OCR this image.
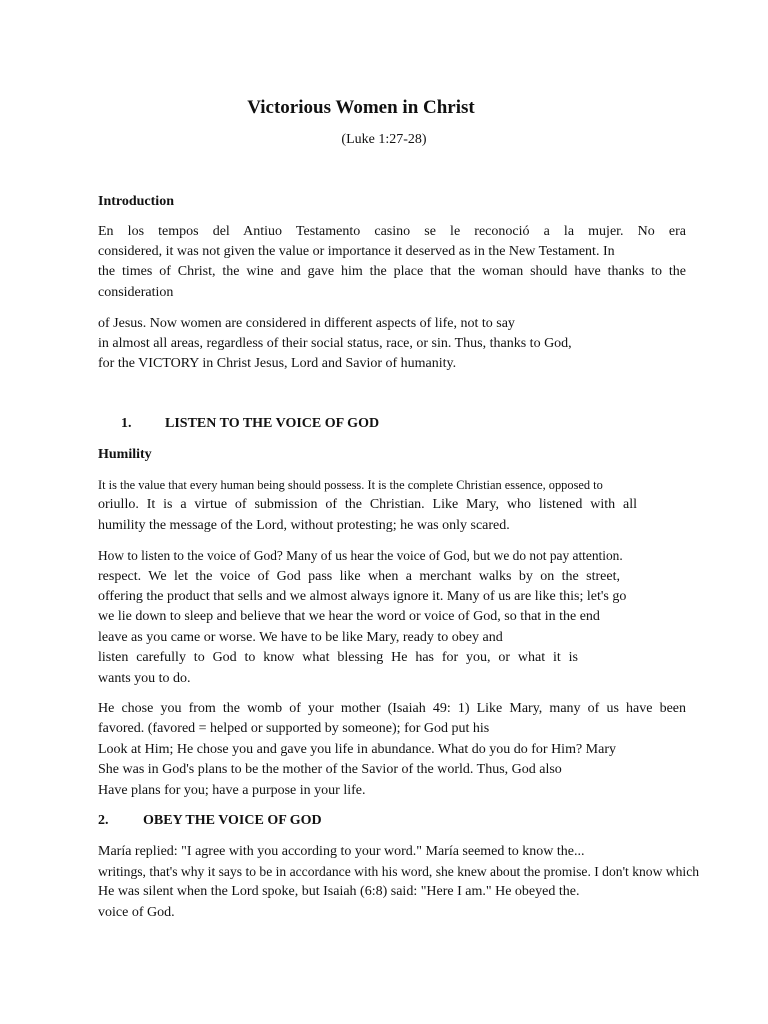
Victorious Women in Christ

(Luke 1:27-28)

Introduction

En los tempos del Antiuo Testamento casino se le reconoció a la mujer. No era

considered, it was not given the value or importance it deserved as in the New Testament. In

the times of Christ, the wine and gave him the place that the woman should have thanks to the

consideration

of Jesus. Now women are considered in different aspects of life, not to say

in almost all areas, regardless of their social status, race, or sin. Thus, thanks to God,

for the VICTORY in Christ Jesus, Lord and Savior of humanity.

1. LISTEN TO THE VOICE OF GOD

Humility

It is the value that every human being should possess. It is the complete Christian essence, opposed to

oriullo. It is a virtue of submission of the Christian. Like Mary, who listened with all

humility the message of the Lord, without protesting; he was only scared.

How to listen to the voice of God? Many of us hear the voice of God, but we do not pay attention.

respect. We let the voice of God pass like when a merchant walks by on the street,

offering the product that sells and we almost always ignore it. Many of us are like this; let's go

we lie down to sleep and believe that we hear the word or voice of God, so that in the end

leave as you came or worse. We have to be like Mary, ready to obey and

listen carefully to God to know what blessing He has for you, or what it is

wants you to do.

He chose you from the womb of your mother (Isaiah 49: 1) Like Mary, many of us have been

favored. (favored = helped or supported by someone); for God put his

Look at Him; He chose you and gave you life in abundance. What do you do for Him? Mary

She was in God's plans to be the mother of the Savior of the world. Thus, God also

Have plans for you; have a purpose in your life.

2. OBEY THE VOICE OF GOD

María replied: "I agree with you according to your word." María seemed to know the...

writings, that's why it says to be in accordance with his word, she knew about the promise. I don't know which

He was silent when the Lord spoke, but Isaiah (6:8) said: "Here I am." He obeyed the.

voice of God.
